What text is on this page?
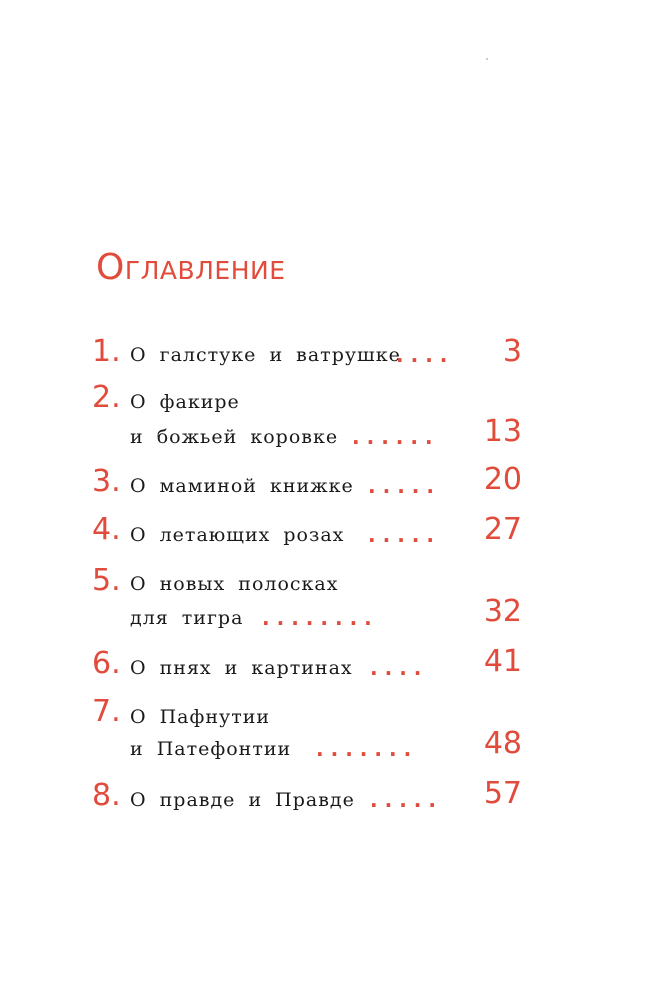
Оглавление
1. О галстуке и ватрушке
.... 3
2. О факире
и божьей коровке ...... 13
3. О маминой книжке ..... 20
4. О летающих розах ..... 27
5. О новых полосках
для тигра ........	32
6. О пнях и картинах .... 41
7. О Пафнутии
и Патефонтии ....... 48
8. О правде и Правде ..... 57
